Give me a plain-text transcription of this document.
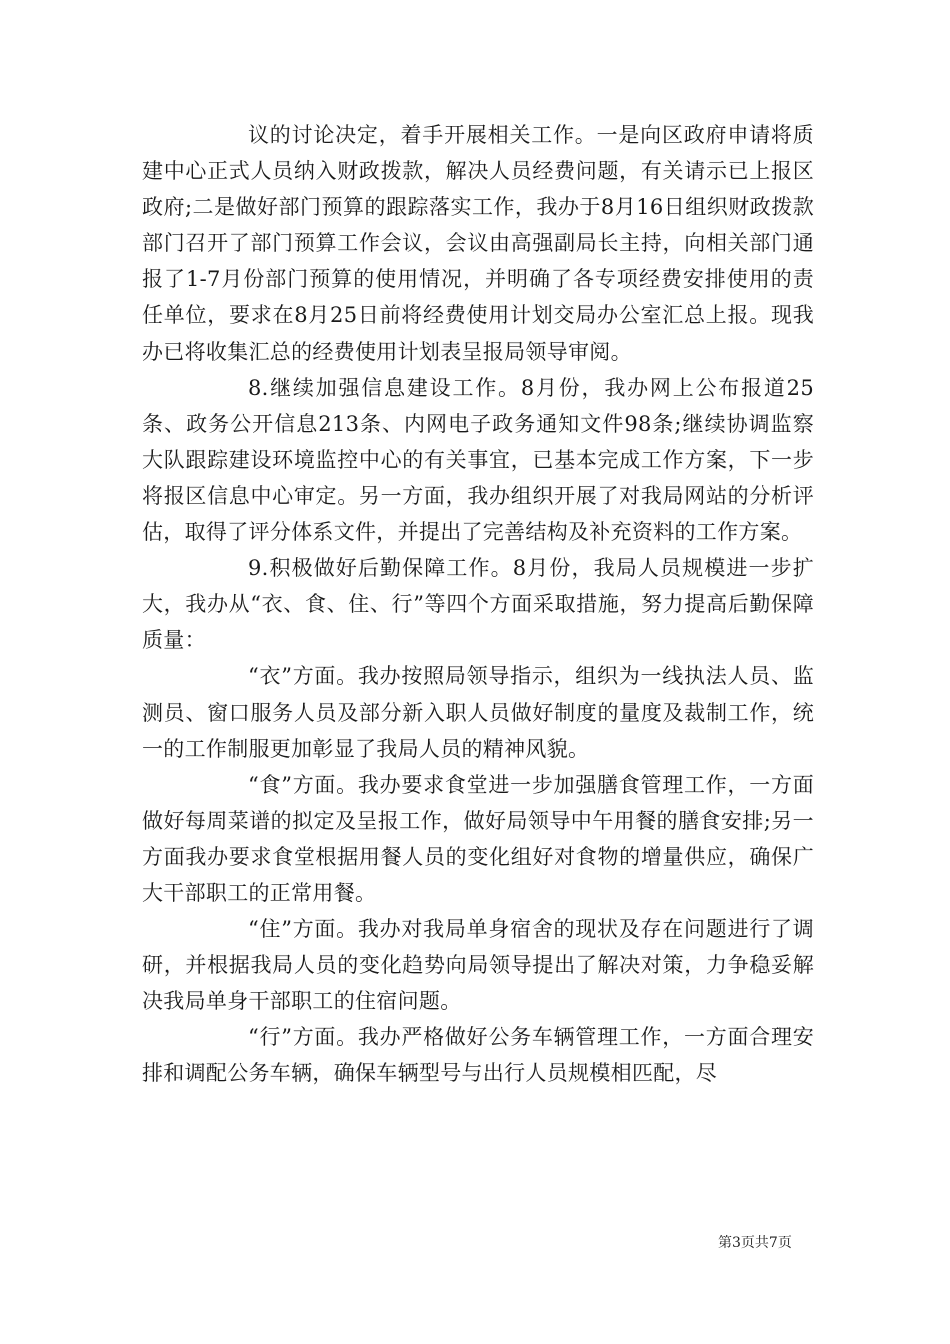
议的讨论决定，着手开展相关工作。一是向区政府申请将质建中心正式人员纳入财政拨款，解决人员经费问题，有关请示已上报区政府;二是做好部门预算的跟踪落实工作，我办于8月16日组织财政拨款部门召开了部门预算工作会议，会议由高强副局长主持，向相关部门通报了1-7月份部门预算的使用情况，并明确了各专项经费安排使用的责任单位，要求在8月25日前将经费使用计划交局办公室汇总上报。现我办已将收集汇总的经费使用计划表呈报局领导审阅。

8.继续加强信息建设工作。8月份，我办网上公布报道25条、政务公开信息213条、内网电子政务通知文件98条;继续协调监察大队跟踪建设环境监控中心的有关事宜，已基本完成工作方案，下一步将报区信息中心审定。另一方面，我办组织开展了对我局网站的分析评估，取得了评分体系文件，并提出了完善结构及补充资料的工作方案。

9.积极做好后勤保障工作。8月份，我局人员规模进一步扩大，我办从“衣、食、住、行”等四个方面采取措施，努力提高后勤保障质量：

“衣”方面。我办按照局领导指示，组织为一线执法人员、监测员、窗口服务人员及部分新入职人员做好制度的量度及裁制工作，统一的工作制服更加彰显了我局人员的精神风貌。

“食”方面。我办要求食堂进一步加强膳食管理工作，一方面做好每周菜谱的拟定及呈报工作，做好局领导中午用餐的膳食安排;另一方面我办要求食堂根据用餐人员的变化组好对食物的增量供应，确保广大干部职工的正常用餐。

“住”方面。我办对我局单身宿舍的现状及存在问题进行了调研，并根据我局人员的变化趋势向局领导提出了解决对策，力争稳妥解决我局单身干部职工的住宿问题。

“行”方面。我办严格做好公务车辆管理工作，一方面合理安排和调配公务车辆，确保车辆型号与出行人员规模相匹配，尽

第3页共7页
